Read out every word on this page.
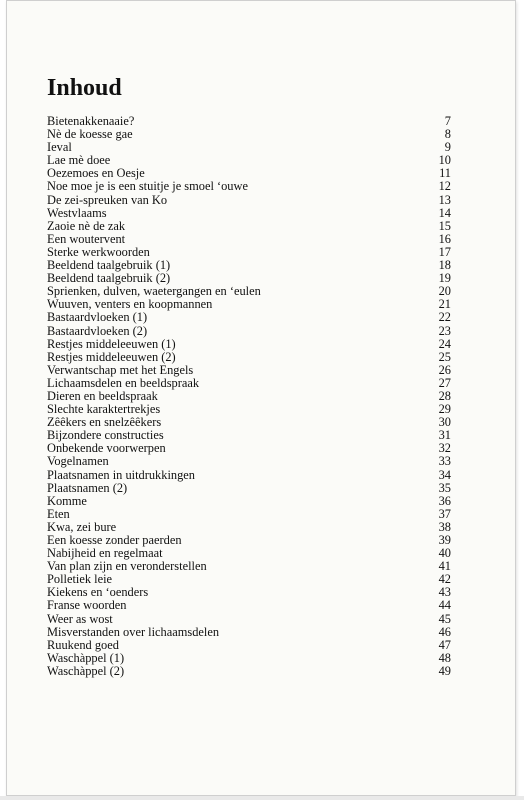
Inhoud
Bietenakkenaaie?	7
Nè de koesse gae	8
Ieval	9
Lae mè doee	10
Oezemoes en Oesje	11
Noe moe je is een stuitje je smoel ‘ouwe	12
De zei-spreuken van Ko	13
Westvlaams	14
Zaoie nè de zak	15
Een woutervent	16
Sterke werkwoorden	17
Beeldend taalgebruik (1)	18
Beeldend taalgebruik (2)	19
Sprienken, dulven, waetergangen en ‘eulen	20
Wuuven, venters en koopmannen	21
Bastaardvloeken (1)	22
Bastaardvloeken (2)	23
Restjes middeleeuwen (1)	24
Restjes middeleeuwen (2)	25
Verwantschap met het Engels	26
Lichaamsdelen en beeldspraak	27
Dieren en beeldspraak	28
Slechte karaktertrekjes	29
Zêêkers en snelzêêkers	30
Bijzondere constructies	31
Onbekende voorwerpen	32
Vogelnamen	33
Plaatsnamen in uitdrukkingen	34
Plaatsnamen (2)	35
Komme	36
Eten	37
Kwa, zei bure	38
Een koesse zonder paerden	39
Nabijheid en regelmaat	40
Van plan zijn en veronderstellen	41
Polletiek leie	42
Kiekens en ‘oenders	43
Franse woorden	44
Weer as wost	45
Misverstanden over lichaamsdelen	46
Ruukend goed	47
Waschàppel (1)	48
Waschàppel (2)	49
